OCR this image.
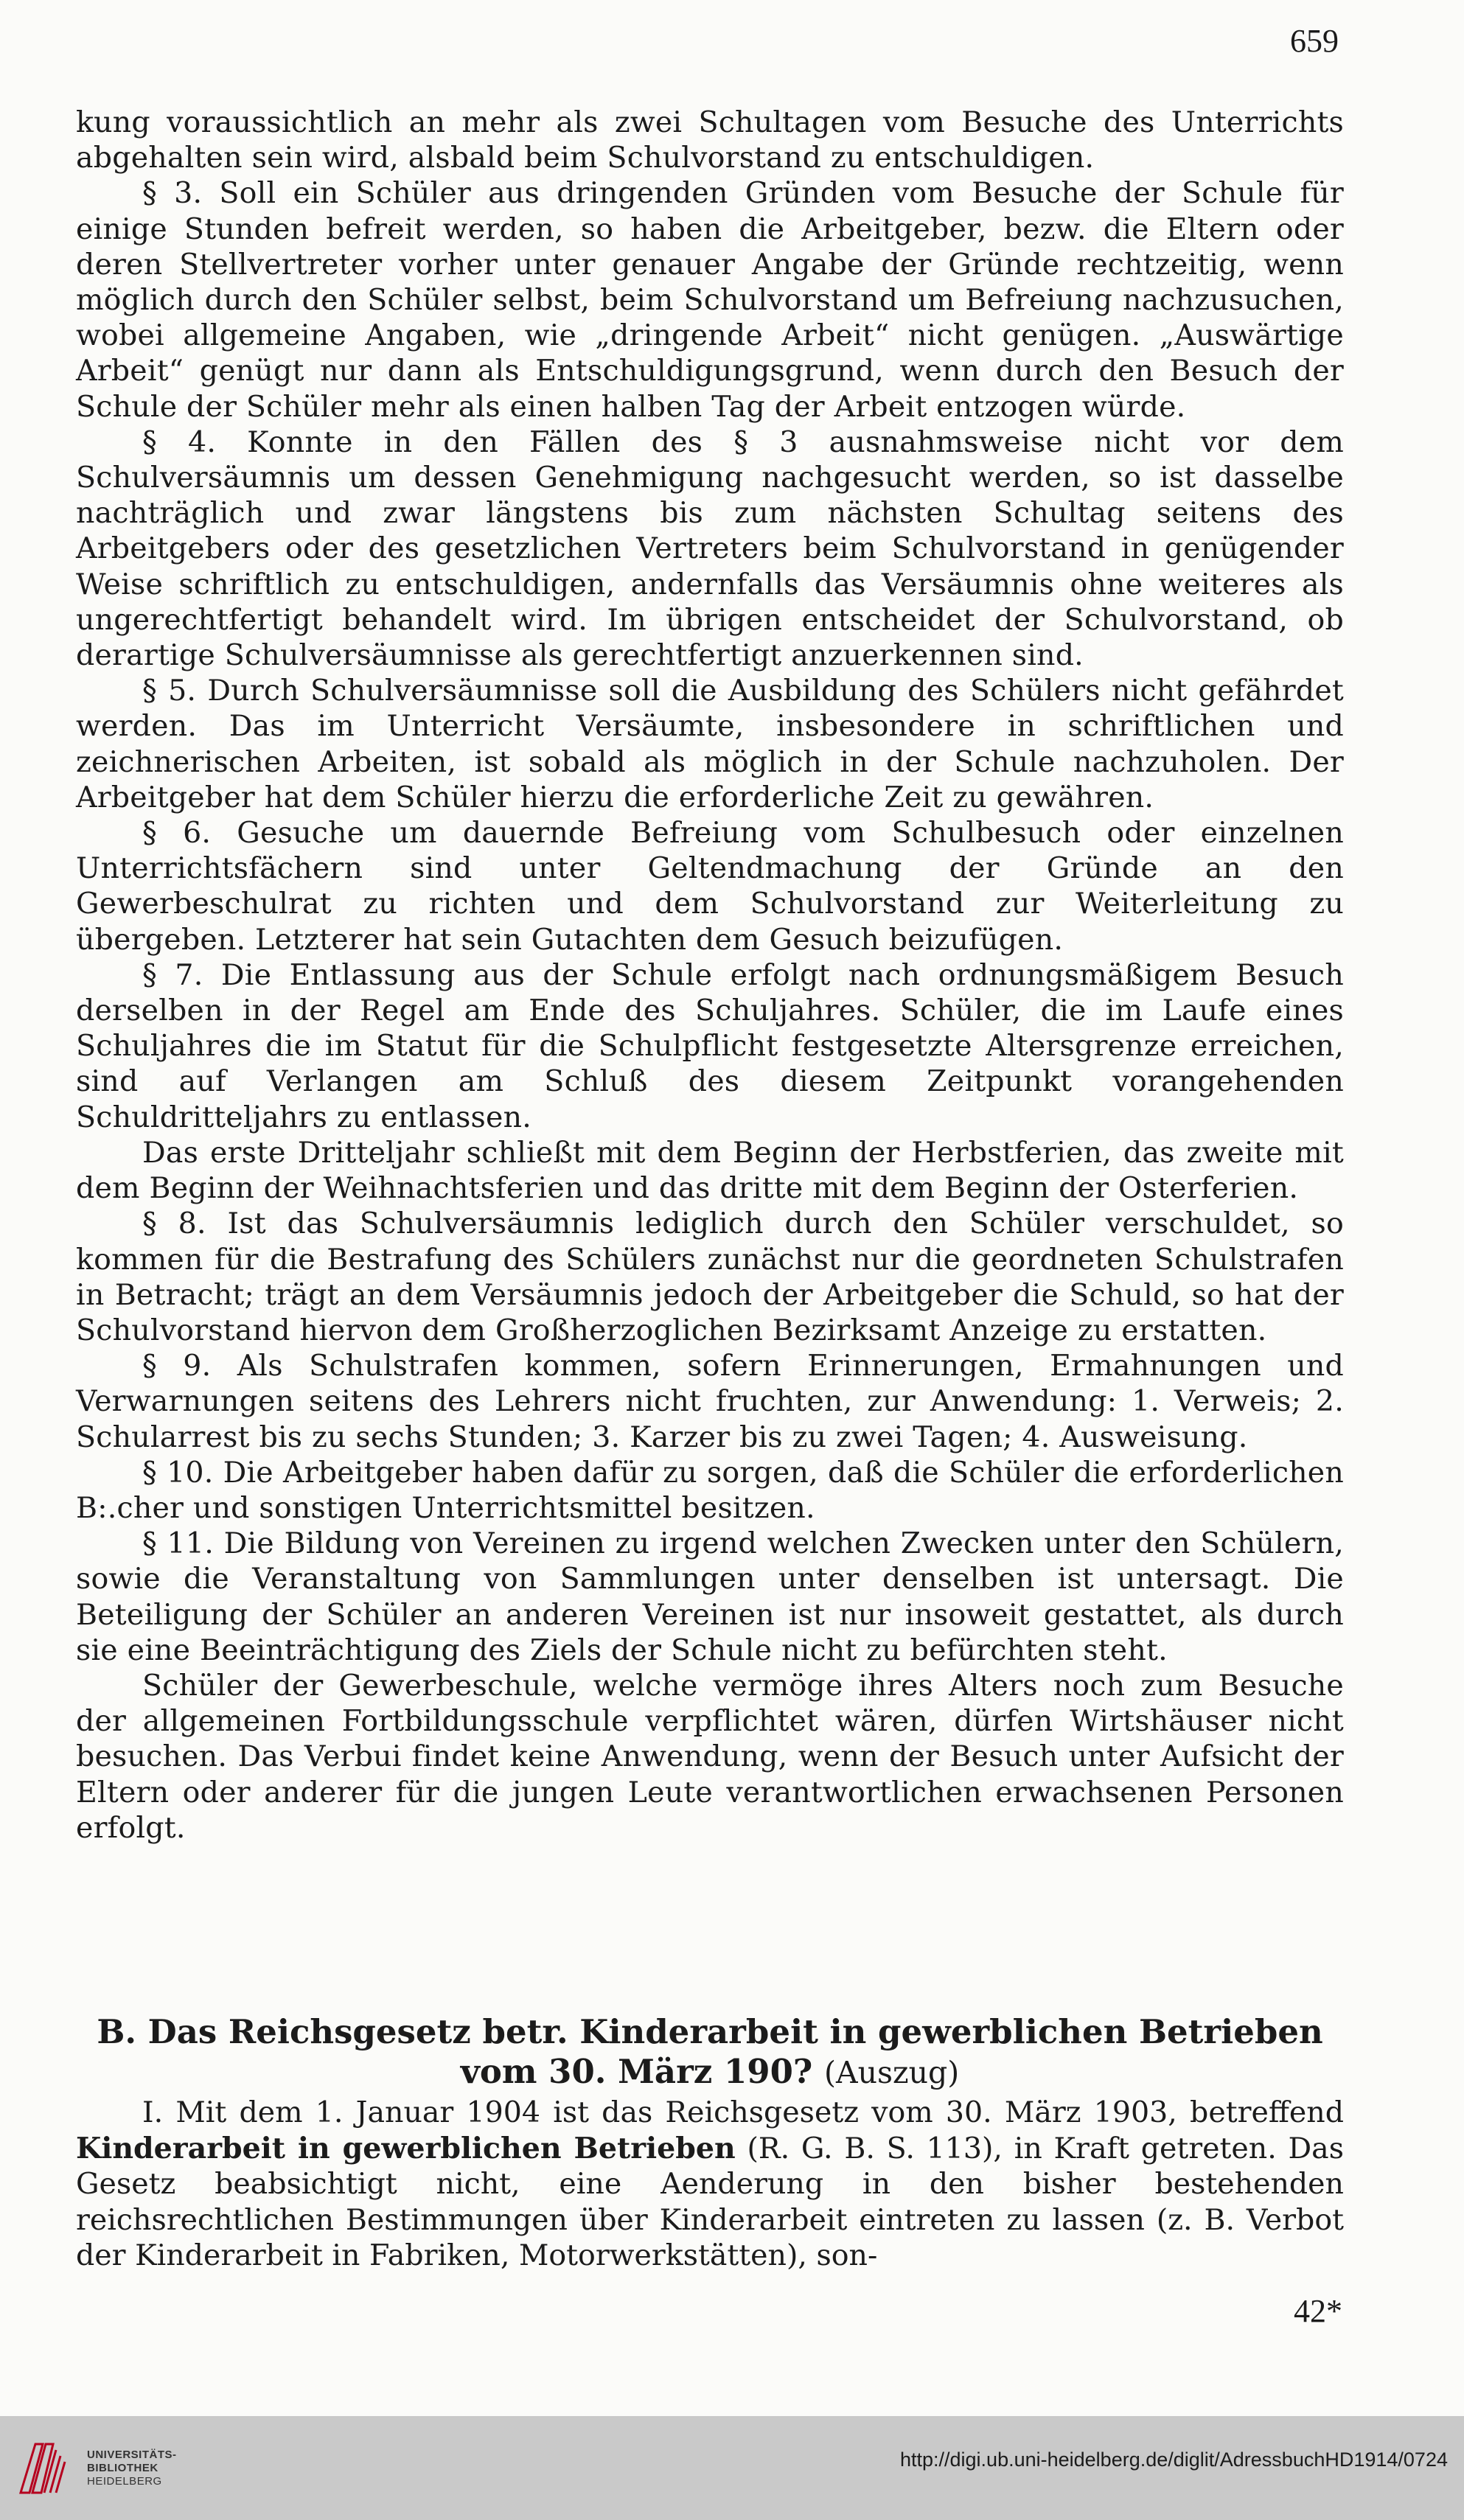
659

kung voraussichtlich an mehr als zwei Schultagen vom Besuche des Unterrichts abgehalten sein wird, alsbald beim Schulvorstand zu entschuldigen.

§ 3. Soll ein Schüler aus dringenden Gründen vom Besuche der Schule für einige Stunden befreit werden, so haben die Arbeitgeber, bezw. die Eltern oder deren Stellvertreter vorher unter genauer Angabe der Gründe rechtzeitig, wenn möglich durch den Schüler selbst, beim Schulvorstand um Befreiung nachzusuchen, wobei allgemeine Angaben, wie „dringende Arbeit“ nicht genügen. „Auswärtige Arbeit“ genügt nur dann als Entschuldigungsgrund, wenn durch den Besuch der Schule der Schüler mehr als einen halben Tag der Arbeit entzogen würde.

§ 4. Konnte in den Fällen des § 3 ausnahmsweise nicht vor dem Schulversäumnis um dessen Genehmigung nachgesucht werden, so ist dasselbe nachträglich und zwar längstens bis zum nächsten Schultag seitens des Arbeitgebers oder des gesetzlichen Vertreters beim Schulvorstand in genügender Weise schriftlich zu entschuldigen, andernfalls das Versäumnis ohne weiteres als ungerechtfertigt behandelt wird. Im übrigen entscheidet der Schulvorstand, ob derartige Schulversäumnisse als gerechtfertigt anzuerkennen sind.

§ 5. Durch Schulversäumnisse soll die Ausbildung des Schülers nicht gefährdet werden. Das im Unterricht Versäumte, insbesondere in schriftlichen und zeichnerischen Arbeiten, ist sobald als möglich in der Schule nachzuholen. Der Arbeitgeber hat dem Schüler hierzu die erforderliche Zeit zu gewähren.

§ 6. Gesuche um dauernde Befreiung vom Schulbesuch oder einzelnen Unterrichtsfächern sind unter Geltendmachung der Gründe an den Gewerbeschulrat zu richten und dem Schulvorstand zur Weiterleitung zu übergeben. Letzterer hat sein Gutachten dem Gesuch beizufügen.

§ 7. Die Entlassung aus der Schule erfolgt nach ordnungsmäßigem Besuch derselben in der Regel am Ende des Schuljahres. Schüler, die im Laufe eines Schuljahres die im Statut für die Schulpflicht festgesetzte Altersgrenze erreichen, sind auf Verlangen am Schluß des diesem Zeitpunkt vorangehenden Schuldritteljahrs zu entlassen.

Das erste Dritteljahr schließt mit dem Beginn der Herbstferien, das zweite mit dem Beginn der Weihnachtsferien und das dritte mit dem Beginn der Osterferien.

§ 8. Ist das Schulversäumnis lediglich durch den Schüler verschuldet, so kommen für die Bestrafung des Schülers zunächst nur die geordneten Schulstrafen in Betracht; trägt an dem Versäumnis jedoch der Arbeitgeber die Schuld, so hat der Schulvorstand hiervon dem Großherzoglichen Bezirksamt Anzeige zu erstatten.

§ 9. Als Schulstrafen kommen, sofern Erinnerungen, Ermahnungen und Verwarnungen seitens des Lehrers nicht fruchten, zur Anwendung: 1. Verweis; 2. Schularrest bis zu sechs Stunden; 3. Karzer bis zu zwei Tagen; 4. Ausweisung.

§ 10. Die Arbeitgeber haben dafür zu sorgen, daß die Schüler die erforderlichen B:.cher und sonstigen Unterrichtsmittel besitzen.

§ 11. Die Bildung von Vereinen zu irgend welchen Zwecken unter den Schülern, sowie die Veranstaltung von Sammlungen unter denselben ist untersagt. Die Beteiligung der Schüler an anderen Vereinen ist nur insoweit gestattet, als durch sie eine Beeinträchtigung des Ziels der Schule nicht zu befürchten steht.

Schüler der Gewerbeschule, welche vermöge ihres Alters noch zum Besuche der allgemeinen Fortbildungsschule verpflichtet wären, dürfen Wirtshäuser nicht besuchen. Das Verbui findet keine Anwendung, wenn der Besuch unter Aufsicht der Eltern oder anderer für die jungen Leute verantwortlichen erwachsenen Personen erfolgt.

B. Das Reichsgesetz betr. Kinderarbeit in gewerblichen Betrieben
vom 30. März 190? (Auszug)

I. Mit dem 1. Januar 1904 ist das Reichsgesetz vom 30. März 1903, betreffend Kinderarbeit in gewerblichen Betrieben (R. G. B. S. 113), in Kraft getreten. Das Gesetz beabsichtigt nicht, eine Aenderung in den bisher bestehenden reichsrechtlichen Bestimmungen über Kinderarbeit eintreten zu lassen (z. B. Verbot der Kinderarbeit in Fabriken, Motorwerkstätten), son-

42*
UNIVERSITÄTS-
BIBLIOTHEK
HEIDELBERG
http://digi.ub.uni-heidelberg.de/diglit/AdressbuchHD1914/0724
